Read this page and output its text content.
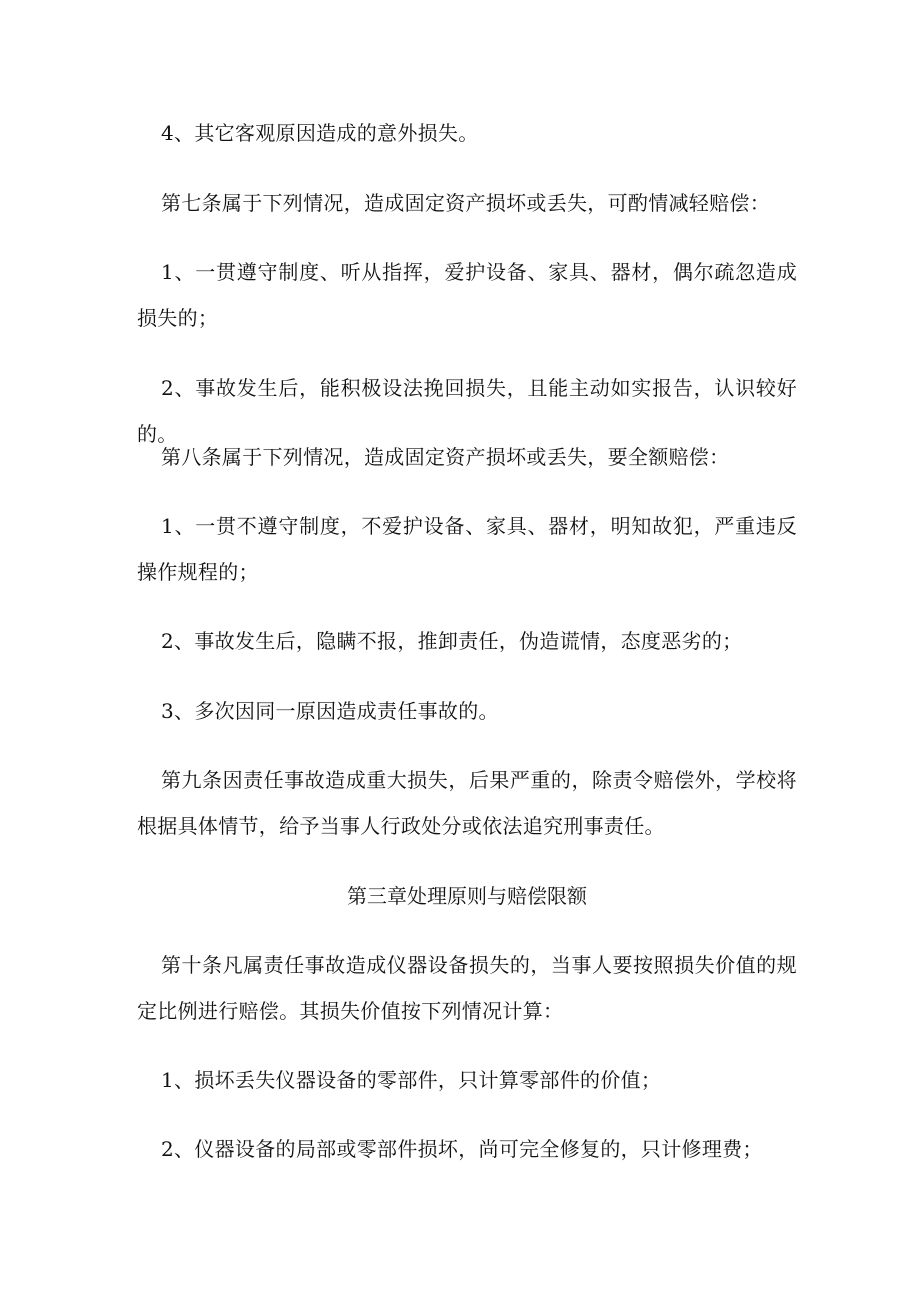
4、其它客观原因造成的意外损失。

第七条属于下列情况，造成固定资产损坏或丢失，可酌情减轻赔偿：

1、一贯遵守制度、听从指挥，爱护设备、家具、器材，偶尔疏忽造成损失的；

2、事故发生后，能积极设法挽回损失，且能主动如实报告，认识较好的。

第八条属于下列情况，造成固定资产损坏或丢失，要全额赔偿：

1、一贯不遵守制度，不爱护设备、家具、器材，明知故犯，严重违反操作规程的；

2、事故发生后，隐瞒不报，推卸责任，伪造谎情，态度恶劣的；

3、多次因同一原因造成责任事故的。

第九条因责任事故造成重大损失，后果严重的，除责令赔偿外，学校将根据具体情节，给予当事人行政处分或依法追究刑事责任。

第三章处理原则与赔偿限额

第十条凡属责任事故造成仪器设备损失的，当事人要按照损失价值的规定比例进行赔偿。其损失价值按下列情况计算：

1、损坏丢失仪器设备的零部件，只计算零部件的价值；

2、仪器设备的局部或零部件损坏，尚可完全修复的，只计修理费；
